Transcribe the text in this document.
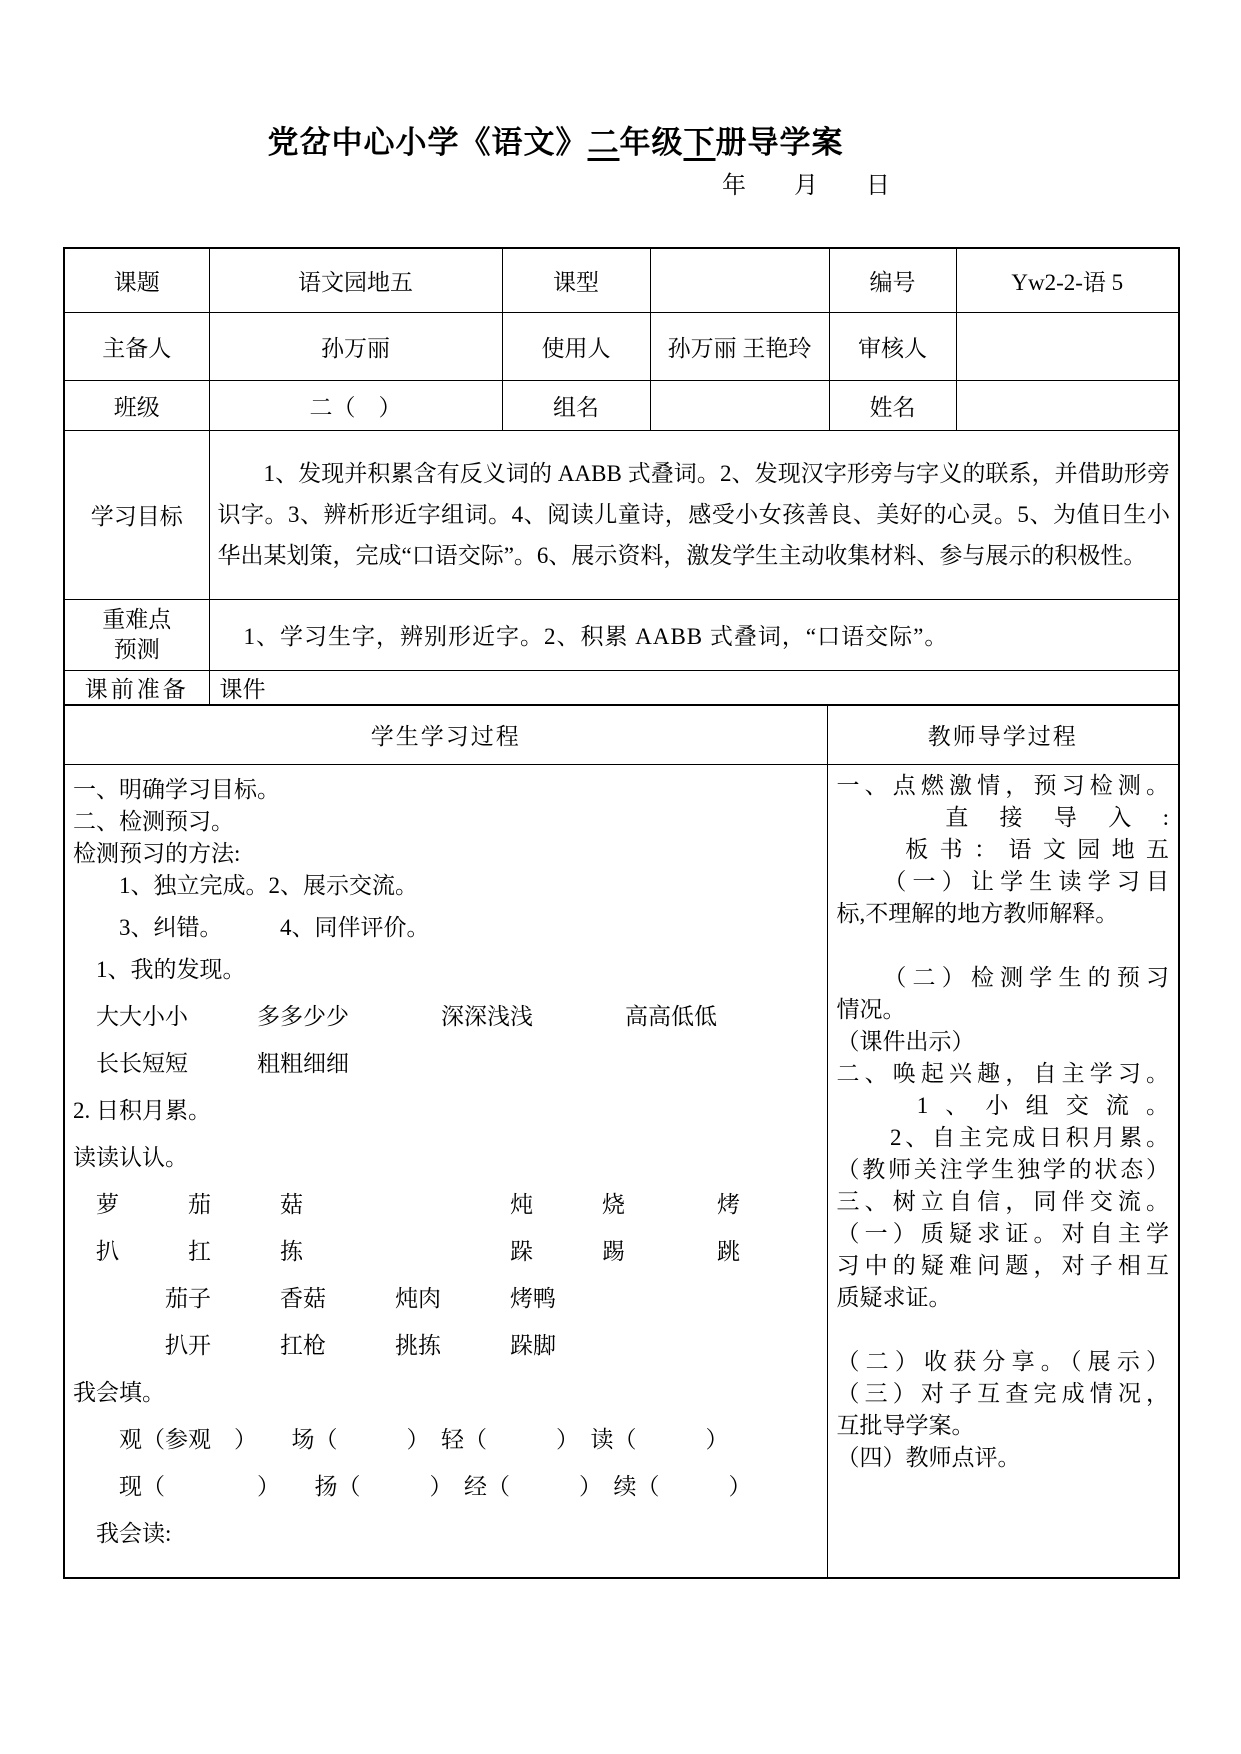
党岔中心小学《语文》二年级下册导学案
年　　月　　日
课题	语文园地五	课型		编号	Yw2-2-语 5
主备人	孙万丽	使用人	孙万丽 王艳玲	审核人	
班级	二（　）	组名		姓名	
学习目标	1、发现并积累含有反义词的 AABB 式叠词。2、发现汉字形旁与字义的联系，并借助形旁识字。3、辨析形近字组词。4、阅读儿童诗，感受小女孩善良、美好的心灵。5、为值日生小华出某划策，完成“口语交际”。6、展示资料，激发学生主动收集材料、参与展示的积极性。				

重难点
预测	1、学习生字，辨别形近字。2、积累 AABB 式叠词，“口语交际”。				
课前准备	课件				
学生学习过程	教师导学过程

一、明确学习目标。
二、检测预习。
检测预习的方法:
　　1、独立完成。2、展示交流。
　　3、纠错。　　　4、同伴评价。
　1、我的发现。
　大大小小　　　多多少少　　　　深深浅浅　　　　高高低低
　长长短短　　　粗粗细细
2. 日积月累。
读读认认。
　萝　　　茄　　　菇　　　　　　　　　炖　　　烧　　　　烤
　扒　　　扛　　　拣　　　　　　　　　跺　　　踢　　　　跳
　　　　茄子　　　香菇　　　炖肉　　　烤鸭
　　　　扒开　　　扛枪　　　挑拣　　　跺脚
我会填。
　　观（参观　）　　场（　　　）　轻（　　　）　读（　　　）
　　现（　　　　）　　扬（　　　）　经（　　　）　续（　　　）
　我会读:

一、点燃激情，预习检测。
　　直接导入:
　　板书：语文园地五
　　（一）让学生读学习目
标,不理解的地方教师解释。

　　（二）检测学生的预习
情况。
（课件出示）
二、唤起兴趣，自主学习。
　　1、小组交流。
　　2、自主完成日积月累。
（教师关注学生独学的状态）
三、树立自信，同伴交流。
（一）质疑求证。对自主学
习中的疑难问题，对子相互
质疑求证。

（二）收获分享。（展示）
（三）对子互查完成情况，
互批导学案。
（四）教师点评。
